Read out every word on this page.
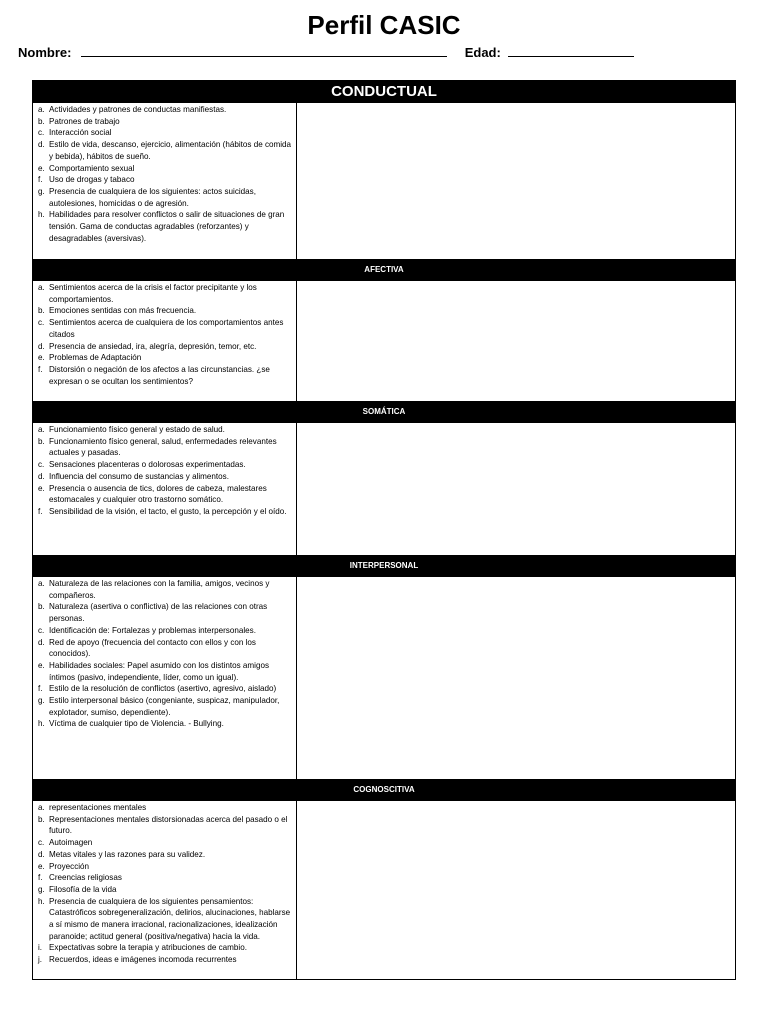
Perfil CASIC
Nombre:	Edad:
CONDUCTUAL
a. Actividades y patrones de conductas manifiestas.
b. Patrones de trabajo
c. Interacción social
d. Estilo de vida, descanso, ejercicio, alimentación (hábitos de comida y bebida), hábitos de sueño.
e. Comportamiento sexual
f. Uso de drogas y tabaco
g. Presencia de cualquiera de los siguientes: actos suicidas, autolesiones, homicidas o de agresión.
h. Habilidades para resolver conflictos o salir de situaciones de gran tensión. Gama de conductas agradables (reforzantes) y desagradables (aversivas).
AFECTIVA
a. Sentimientos acerca de la crisis el factor precipitante y los comportamientos.
b. Emociones sentidas con más frecuencia.
c. Sentimientos acerca de cualquiera de los comportamientos antes citados
d. Presencia de ansiedad, ira, alegría, depresión, temor, etc.
e. Problemas de Adaptación
f. Distorsión o negación de los afectos a las circunstancias. ¿se expresan o se ocultan los sentimientos?
SOMÁTICA
a. Funcionamiento físico general y estado de salud.
b. Funcionamiento físico general, salud, enfermedades relevantes actuales y pasadas.
c. Sensaciones placenteras o dolorosas experimentadas.
d. Influencia del consumo de sustancias y alimentos.
e. Presencia o ausencia de tics, dolores de cabeza, malestares estomacales y cualquier otro trastorno somático.
f. Sensibilidad de la visión, el tacto, el gusto, la percepción y el oído.
INTERPERSONAL
a. Naturaleza de las relaciones con la familia, amigos, vecinos y compañeros.
b. Naturaleza (asertiva o conflictiva) de las relaciones con otras personas.
c. Identificación de: Fortalezas y problemas interpersonales.
d. Red de apoyo (frecuencia del contacto con ellos y con los conocidos).
e. Habilidades sociales: Papel asumido con los distintos amigos íntimos (pasivo, independiente, líder, como un igual).
f. Estilo de la resolución de conflictos (asertivo, agresivo, aislado)
g. Estilo interpersonal básico (congeniante, suspicaz, manipulador, explotador, sumiso, dependiente).
h. Víctima de cualquier tipo de Violencia. - Bullying.
COGNOSCITIVA
a. representaciones mentales
b. Representaciones mentales distorsionadas acerca del pasado o el futuro.
c. Autoimagen
d. Metas vitales y las razones para su validez.
e. Proyección
f. Creencias religiosas
g. Filosofía de la vida
h. Presencia de cualquiera de los siguientes pensamientos: Catastróficos sobregeneralización, delirios, alucinaciones, hablarse a sí mismo de manera irracional, racionalizaciones, idealización paranoide; actitud general (positiva/negativa) hacia la vida.
i. Expectativas sobre la terapia y atribuciones de cambio.
j. Recuerdos, ideas e imágenes incomoda recurrentes
